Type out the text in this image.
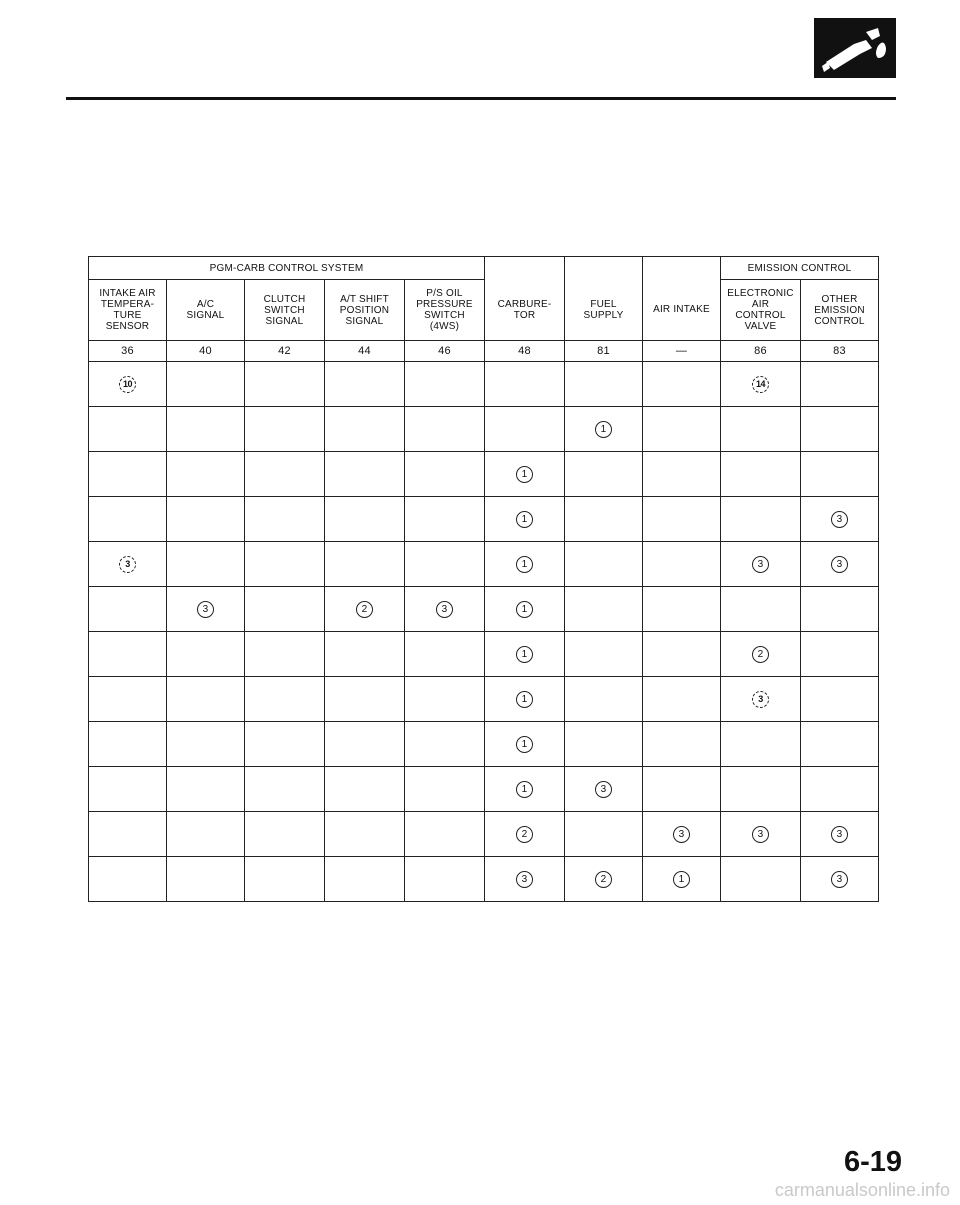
PGM-CARB CONTROL SYSTEM								EMISSION CONTROL	
INTAKE AIR
TEMPERA-
TURE
SENSOR	A/C
SIGNAL	CLUTCH
SWITCH
SIGNAL	A/T SHIFT
POSITION
SIGNAL	P/S OIL
PRESSURE
SWITCH
(4WS)	CARBURE-
TOR	FUEL
SUPPLY	AIR INTAKE	ELECTRONIC
AIR
CONTROL
VALVE	OTHER
EMISSION
CONTROL
36	40	42	44	46	48	81	—	86	83
10								14	
						1			
					1				
					1				3
3					1			3	3
	3		2	3	1				
					1			2	
					1			3	
					1				
					1	3			
					2		3	3	3
					3	2	1		3
6-19
carmanualsonline.info
